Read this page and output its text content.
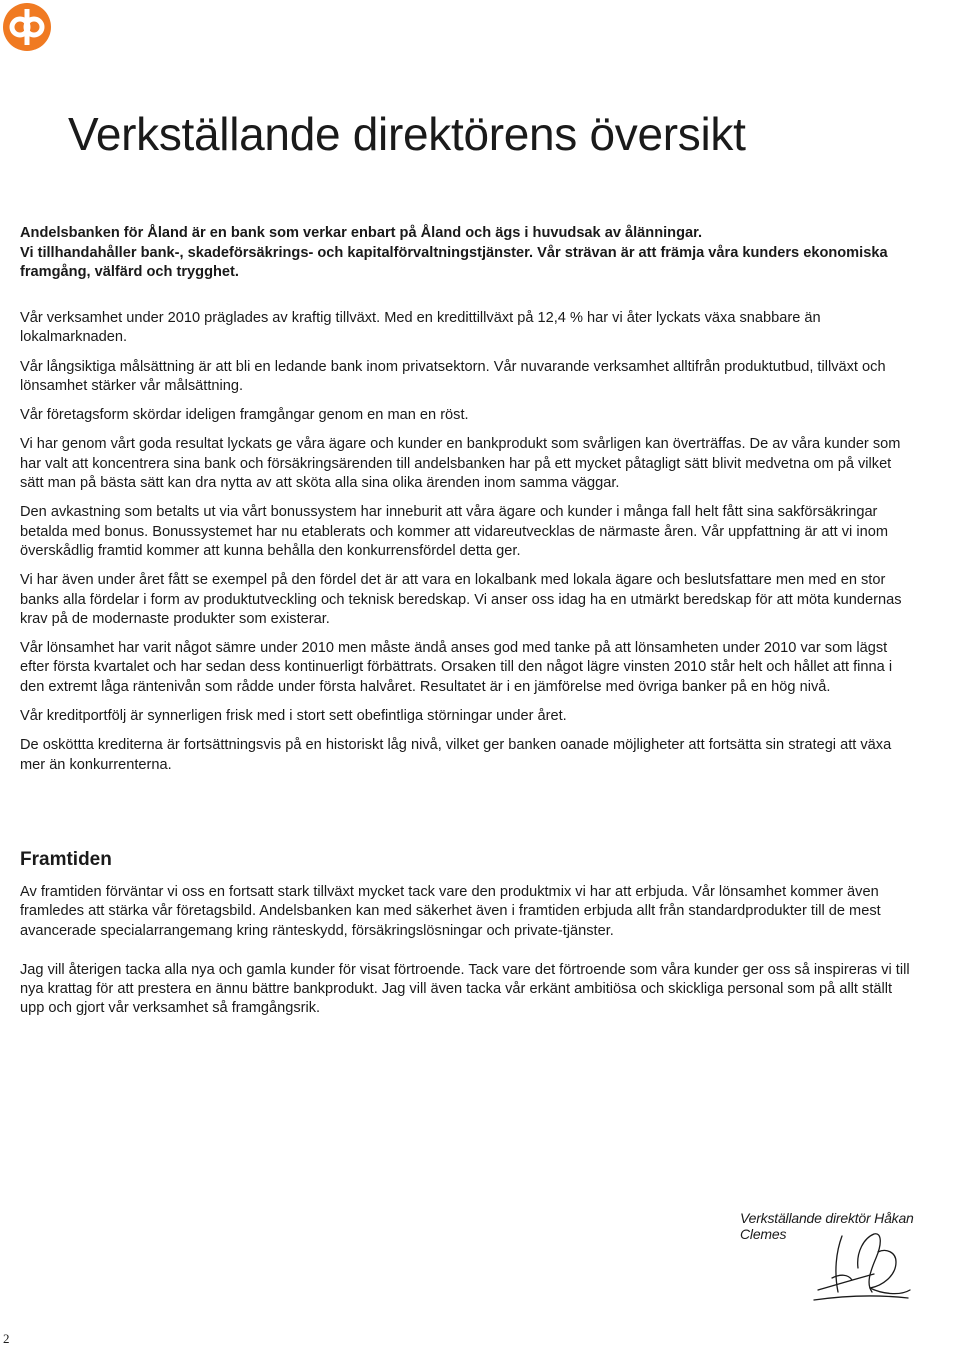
Verkställande direktörens översikt

Andelsbanken för Åland är en bank som verkar enbart på Åland och ägs i huvudsak av ålänningar.

Vi tillhandahåller bank-, skadeförsäkrings- och kapitalförvaltningstjänster. Vår strävan är att främja våra kunders ekonomiska framgång, välfärd och trygghet.

Vår verksamhet under 2010 präglades av kraftig tillväxt. Med en kredittillväxt på 12,4 % har vi åter lyckats växa snabbare än lokalmarknaden.

Vår långsiktiga målsättning är att bli en ledande bank inom privatsektorn. Vår nuvarande verksamhet alltifrån produktutbud, tillväxt och lönsamhet stärker vår målsättning.

Vår företagsform skördar ideligen framgångar genom en man en röst.

Vi har genom vårt goda resultat lyckats ge våra ägare och kunder en bankprodukt som svårligen kan överträffas. De av våra kunder som har valt att koncentrera sina bank och försäkringsärenden till andelsbanken har på ett mycket påtagligt sätt blivit medvetna om på vilket sätt man på bästa sätt kan dra nytta av att sköta alla sina olika ärenden inom samma väggar.

Den avkastning som betalts ut via vårt bonussystem har inneburit att våra ägare och kunder i många fall helt fått sina sakförsäkringar betalda med bonus. Bonussystemet har nu etablerats och kommer att vidareutvecklas de närmaste åren. Vår uppfattning är att vi inom överskådlig framtid kommer att kunna behålla den konkurrensfördel detta ger.

Vi har även under året fått se exempel på den fördel det är att vara en lokalbank med lokala ägare och beslutsfattare men med en stor banks alla fördelar i form av produktutveckling och teknisk beredskap. Vi anser oss idag ha en utmärkt beredskap för att möta kundernas krav på de modernaste produkter som existerar.

Vår lönsamhet har varit något sämre under 2010 men måste ändå anses god med tanke på att lönsamheten under 2010 var som lägst efter första kvartalet och har sedan dess kontinuerligt förbättrats. Orsaken till den något lägre vinsten 2010 står helt och hållet att finna i den extremt låga räntenivån som rådde under första halvåret. Resultatet är i en jämförelse med övriga banker på en hög nivå.

Vår kreditportfölj är synnerligen frisk med i stort sett obefintliga störningar under året.

De osköttta krediterna är fortsättningsvis på en historiskt låg nivå, vilket ger banken oanade möjligheter att fortsätta sin strategi att växa mer än konkurrenterna.

Framtiden

Av framtiden förväntar vi oss en fortsatt stark tillväxt mycket tack vare den produktmix vi har att erbjuda. Vår lönsamhet kommer även framledes att stärka vår företagsbild. Andelsbanken kan med säkerhet även i framtiden erbjuda allt från standardprodukter till de mest avancerade specialarrangemang kring ränteskydd, försäkringslösningar och private-tjänster.

Jag vill återigen tacka alla nya och gamla kunder för visat förtroende. Tack vare det förtroende som våra kunder ger oss så inspireras vi till nya krattag för att prestera en ännu bättre bankprodukt. Jag vill även tacka vår erkänt ambitiösa och skickliga personal som på allt ställt upp och gjort vår verksamhet så framgångsrik.

Verkställande direktör Håkan Clemes
2
